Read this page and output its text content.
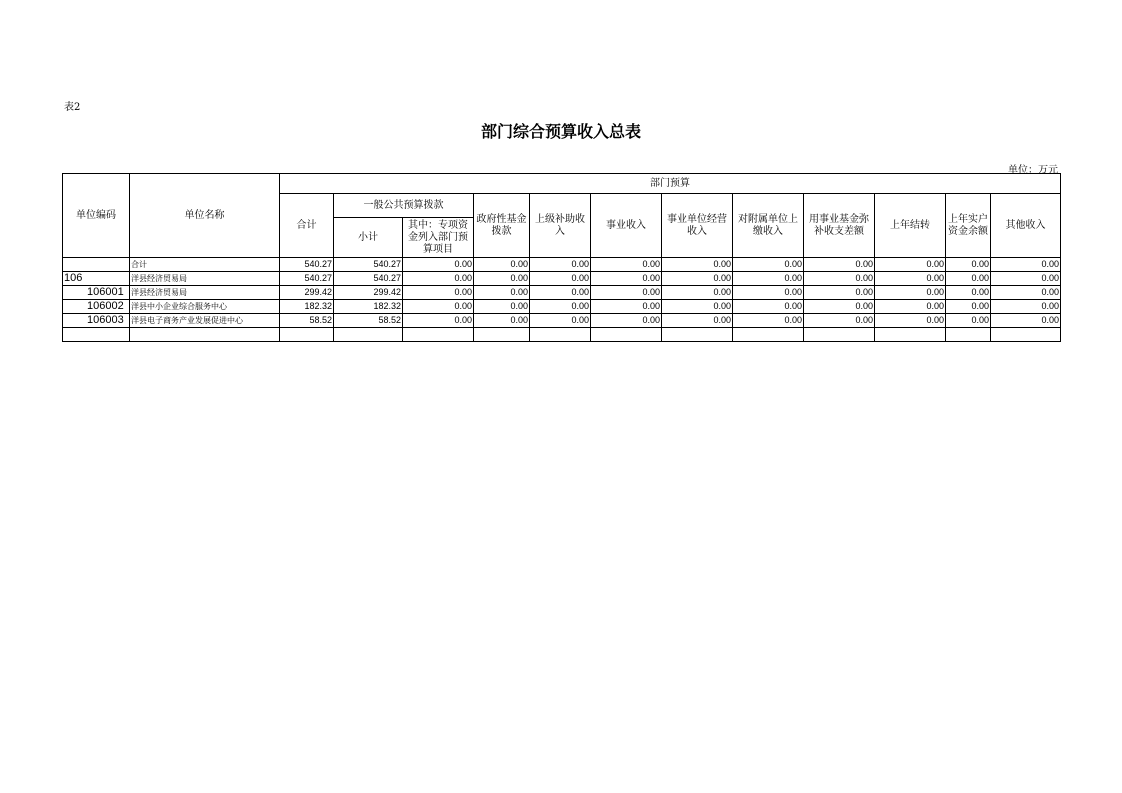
表2
部门综合预算收入总表
单位：万元
单位编码	单位名称	部门预算											
		合计	一般公共预算拨款		政府性基金拨款	上级补助收入	事业收入	事业单位经营收入	对附属单位上缴收入	用事业基金弥补收支差额	上年结转	上年实户资金余额	其他收入
			小计	其中：专项资金列入部门预算项目									
	合计	540.27	540.27	0.00	0.00	0.00	0.00	0.00	0.00	0.00	0.00	0.00	0.00
106	洋县经济贸易局	540.27	540.27	0.00	0.00	0.00	0.00	0.00	0.00	0.00	0.00	0.00	0.00
106001	洋县经济贸易局	299.42	299.42	0.00	0.00	0.00	0.00	0.00	0.00	0.00	0.00	0.00	0.00
106002	洋县中小企业综合服务中心	182.32	182.32	0.00	0.00	0.00	0.00	0.00	0.00	0.00	0.00	0.00	0.00
106003	洋县电子商务产业发展促进中心	58.52	58.52	0.00	0.00	0.00	0.00	0.00	0.00	0.00	0.00	0.00	0.00
